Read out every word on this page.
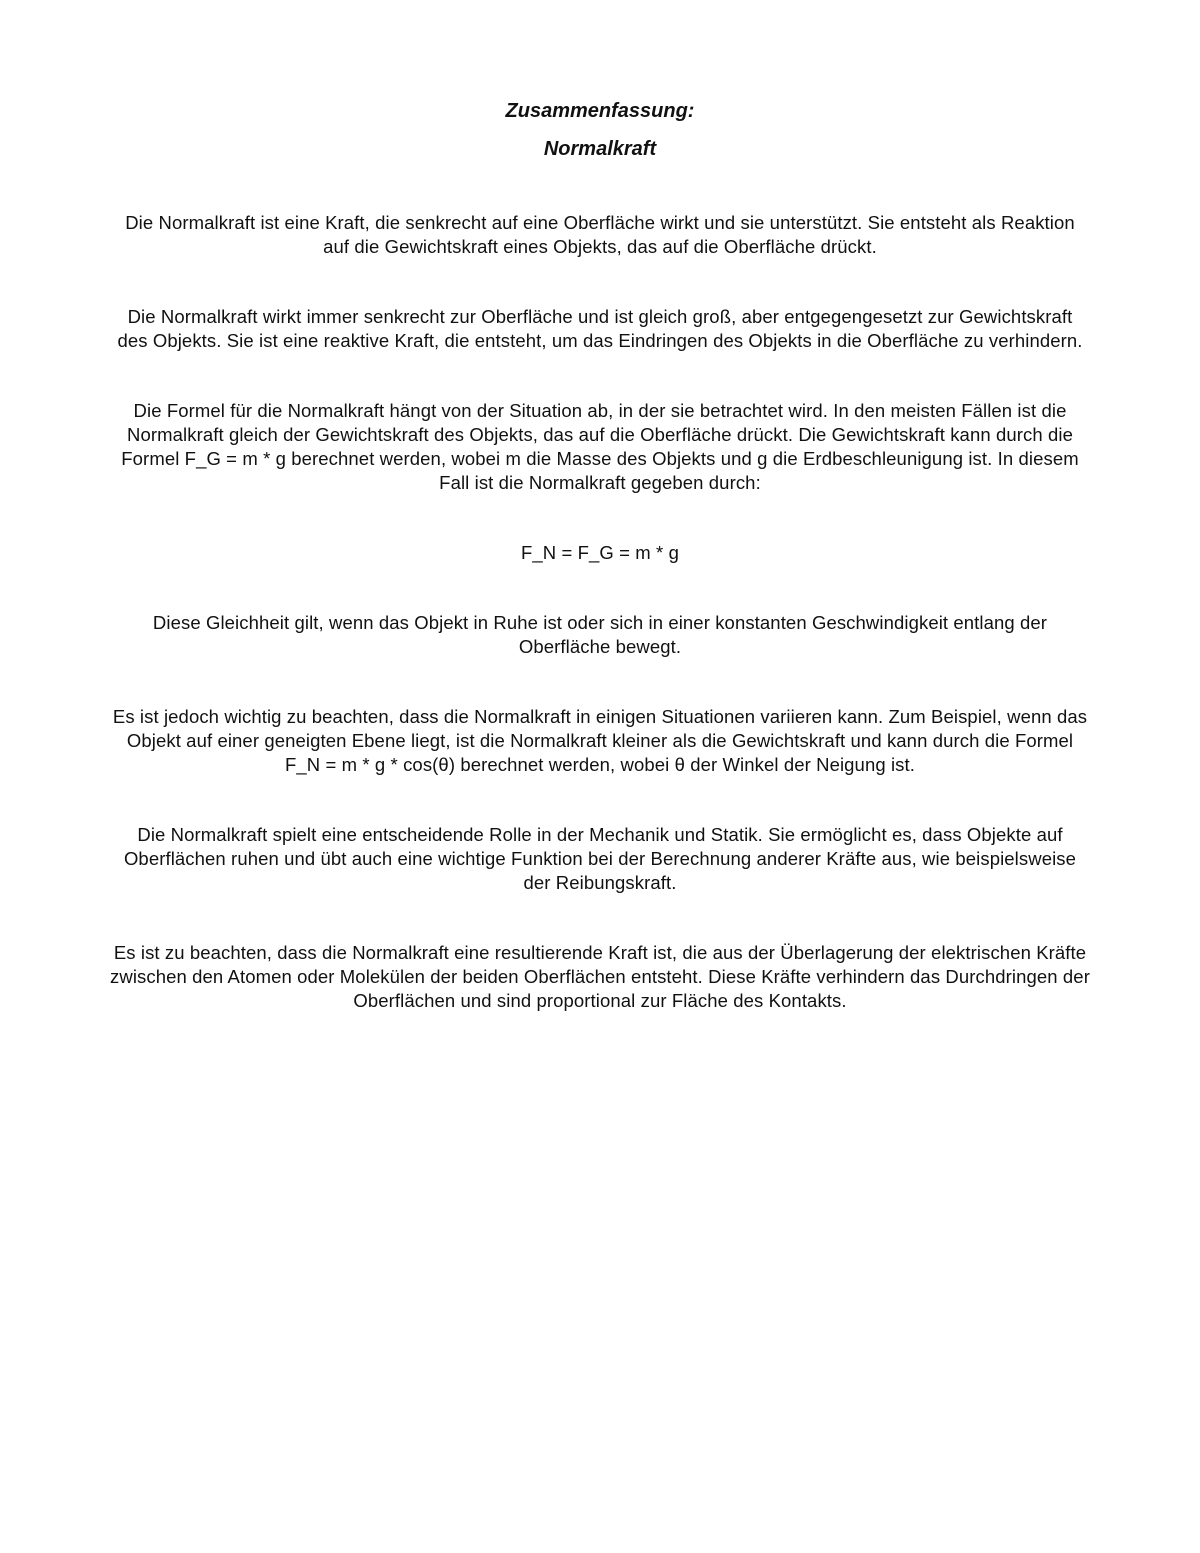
Zusammenfassung:

Normalkraft

Die Normalkraft ist eine Kraft, die senkrecht auf eine Oberfläche wirkt und sie unterstützt. Sie entsteht als Reaktion auf die Gewichtskraft eines Objekts, das auf die Oberfläche drückt.

Die Normalkraft wirkt immer senkrecht zur Oberfläche und ist gleich groß, aber entgegengesetzt zur Gewichtskraft des Objekts. Sie ist eine reaktive Kraft, die entsteht, um das Eindringen des Objekts in die Oberfläche zu verhindern.

Die Formel für die Normalkraft hängt von der Situation ab, in der sie betrachtet wird. In den meisten Fällen ist die Normalkraft gleich der Gewichtskraft des Objekts, das auf die Oberfläche drückt. Die Gewichtskraft kann durch die Formel F_G = m * g berechnet werden, wobei m die Masse des Objekts und g die Erdbeschleunigung ist. In diesem Fall ist die Normalkraft gegeben durch:

F_N = F_G = m * g

Diese Gleichheit gilt, wenn das Objekt in Ruhe ist oder sich in einer konstanten Geschwindigkeit entlang der Oberfläche bewegt.

Es ist jedoch wichtig zu beachten, dass die Normalkraft in einigen Situationen variieren kann. Zum Beispiel, wenn das Objekt auf einer geneigten Ebene liegt, ist die Normalkraft kleiner als die Gewichtskraft und kann durch die Formel F_N = m * g * cos(θ) berechnet werden, wobei θ der Winkel der Neigung ist.

Die Normalkraft spielt eine entscheidende Rolle in der Mechanik und Statik. Sie ermöglicht es, dass Objekte auf Oberflächen ruhen und übt auch eine wichtige Funktion bei der Berechnung anderer Kräfte aus, wie beispielsweise der Reibungskraft.

Es ist zu beachten, dass die Normalkraft eine resultierende Kraft ist, die aus der Überlagerung der elektrischen Kräfte zwischen den Atomen oder Molekülen der beiden Oberflächen entsteht. Diese Kräfte verhindern das Durchdringen der Oberflächen und sind proportional zur Fläche des Kontakts.
